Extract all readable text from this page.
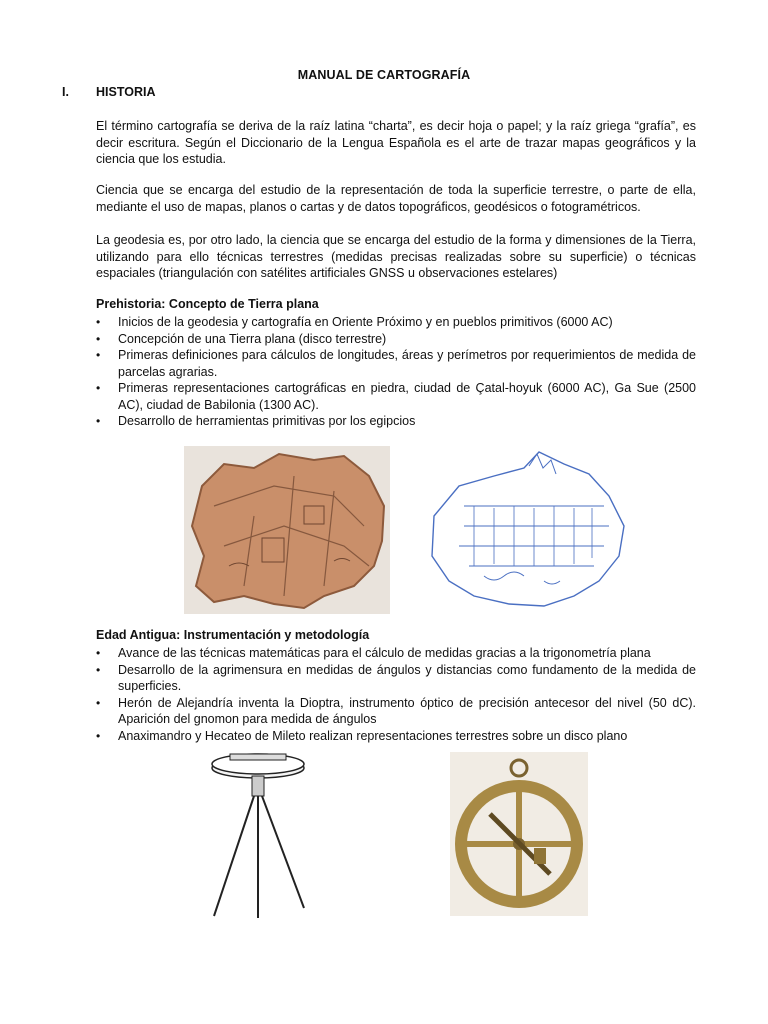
MANUAL DE CARTOGRAFÍA
I. HISTORIA

El término cartografía se deriva de la raíz latina “charta”, es decir hoja o papel; y la raíz griega “grafía”, es decir escritura. Según el Diccionario de la Lengua Española es el arte de trazar mapas geográficos y la ciencia que los estudia.

Ciencia que se encarga del estudio de la representación de toda la superficie terrestre, o parte de ella, mediante el uso de mapas, planos o cartas y de datos topográficos, geodésicos o fotogramétricos.

La geodesia es, por otro lado, la ciencia que se encarga del estudio de la forma y dimensiones de la Tierra, utilizando para ello técnicas terrestres (medidas precisas realizadas sobre su superficie) o técnicas espaciales (triangulación con satélites artificiales GNSS u observaciones estelares)

Prehistoria: Concepto de Tierra plana
• Inicios de la geodesia y cartografía en Oriente Próximo y en pueblos primitivos (6000 AC)
• Concepción de una Tierra plana (disco terrestre)
• Primeras definiciones para cálculos de longitudes, áreas y perímetros por requerimientos de medida de parcelas agrarias.
• Primeras representaciones cartográficas en piedra, ciudad de Çatal-hoyuk (6000 AC), Ga Sue (2500 AC), ciudad de Babilonia (1300 AC).
• Desarrollo de herramientas primitivas por los egipcios
Edad Antigua: Instrumentación y metodología
• Avance de las técnicas matemáticas para el cálculo de medidas gracias a la trigonometría plana
• Desarrollo de la agrimensura en medidas de ángulos y distancias como fundamento de la medida de superficies.
• Herón de Alejandría inventa la Dioptra, instrumento óptico de precisión antecesor del nivel (50 dC). Aparición del gnomon para medida de ángulos
• Anaximandro y Hecateo de Mileto realizan representaciones terrestres sobre un disco plano
